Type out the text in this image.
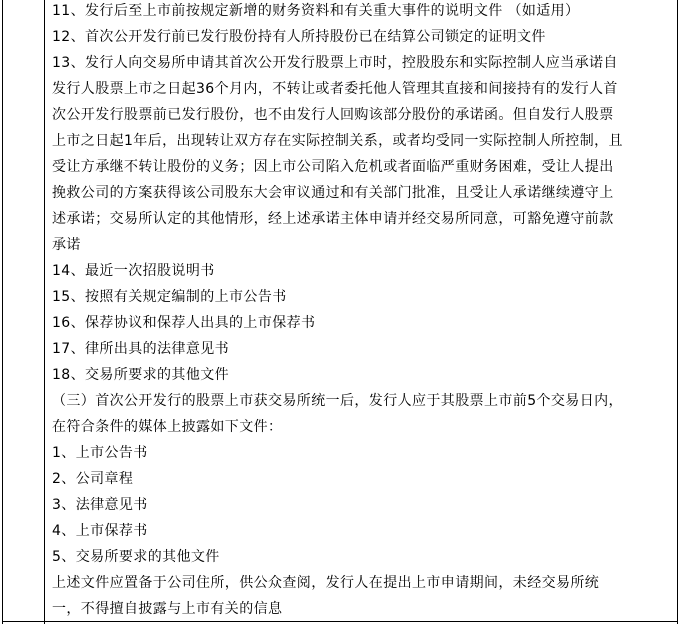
11、发行后至上市前按规定新增的财务资料和有关重大事件的说明文件 （如适用）
12、首次公开发行前已发行股份持有人所持股份已在结算公司锁定的证明文件
13、发行人向交易所申请其首次公开发行股票上市时，控股股东和实际控制人应当承诺自
发行人股票上市之日起36个月内，不转让或者委托他人管理其直接和间接持有的发行人首
次公开发行股票前已发行股份，也不由发行人回购该部分股份的承诺函。但自发行人股票
上市之日起1年后，出现转让双方存在实际控制关系，或者均受同一实际控制人所控制，且
受让方承继不转让股份的义务；因上市公司陷入危机或者面临严重财务困难，受让人提出
挽救公司的方案获得该公司股东大会审议通过和有关部门批准，且受让人承诺继续遵守上
述承诺；交易所认定的其他情形，经上述承诺主体申请并经交易所同意，可豁免遵守前款
承诺
14、最近一次招股说明书
15、按照有关规定编制的上市公告书
16、保荐协议和保荐人出具的上市保荐书
17、律所出具的法律意见书
18、交易所要求的其他文件
（三）首次公开发行的股票上市获交易所统一后，发行人应于其股票上市前5个交易日内，
在符合条件的媒体上披露如下文件：
1、上市公告书
2、公司章程
3、法律意见书
4、上市保荐书
5、交易所要求的其他文件
上述文件应置备于公司住所，供公众查阅，发行人在提出上市申请期间，未经交易所统
一，不得擅自披露与上市有关的信息
